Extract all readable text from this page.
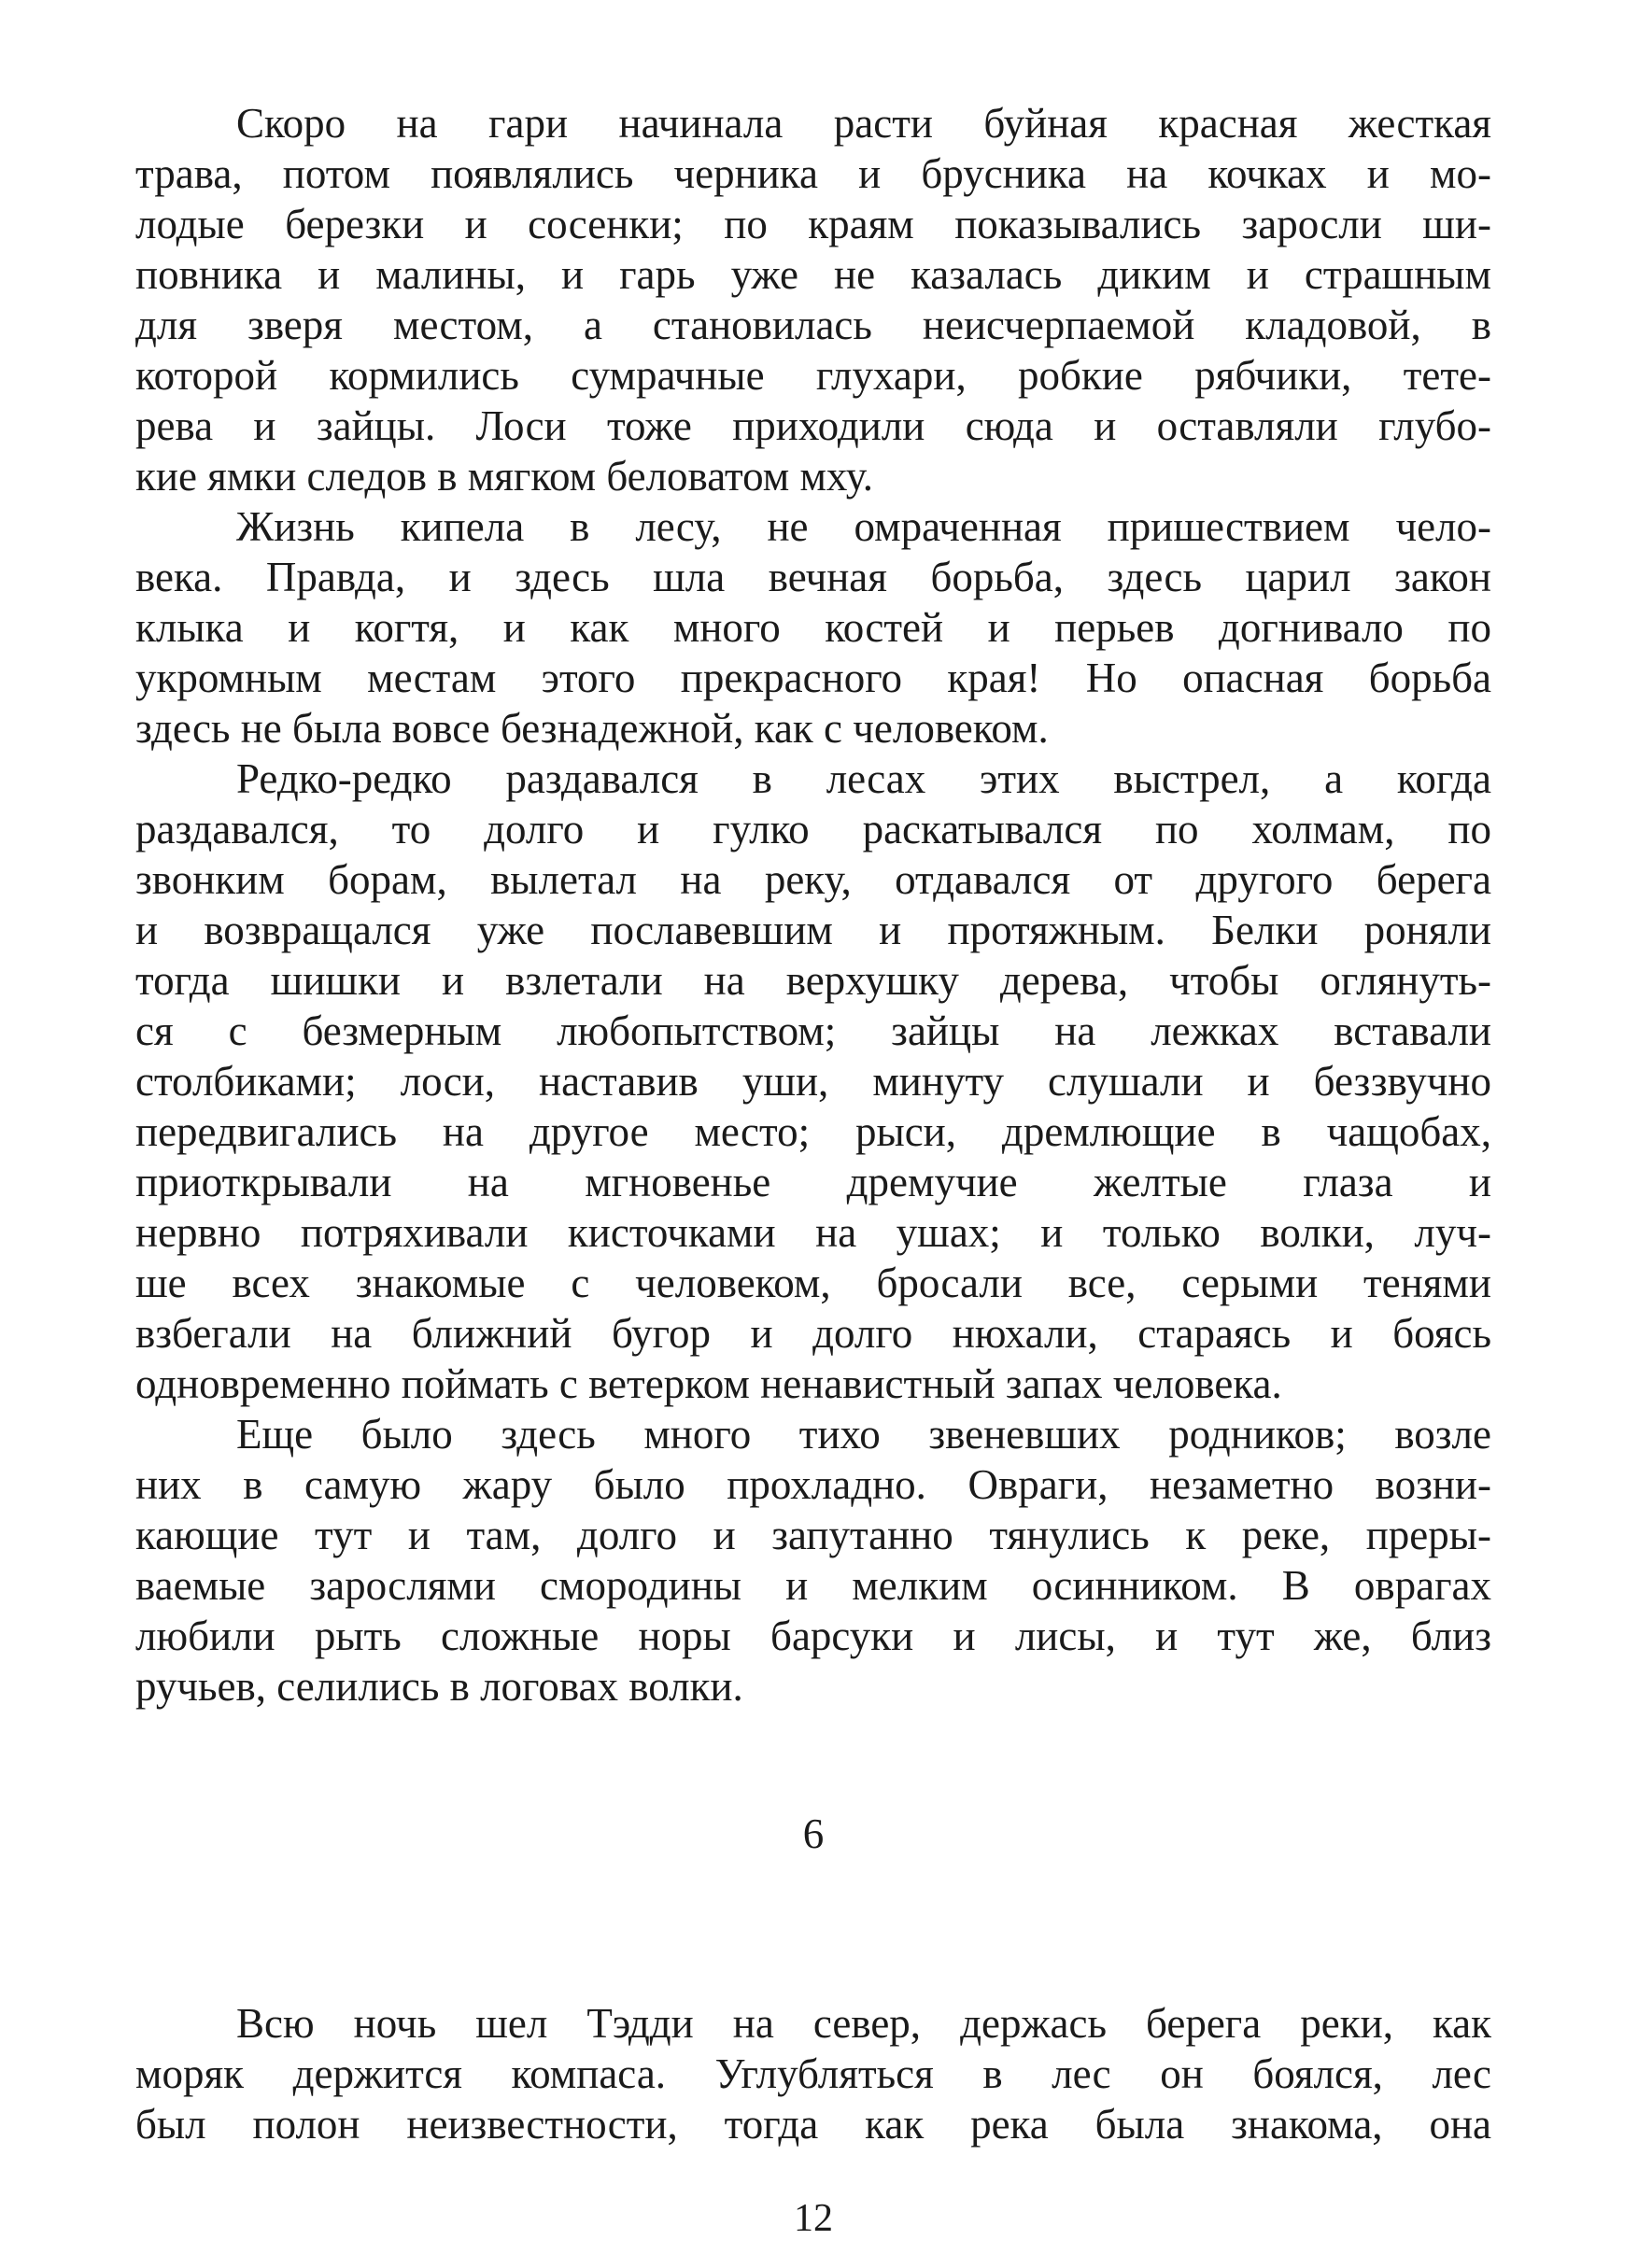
Скоро на гари начинала расти буйная красная жесткая
трава, потом появлялись черника и брусника на кочках и мо-
лодые березки и сосенки; по краям показывались заросли ши-
повника и малины, и гарь уже не казалась диким и страшным
для зверя местом, а становилась неисчерпаемой кладовой, в
которой кормились сумрачные глухари, робкие рябчики, тете-
рева и зайцы. Лоси тоже приходили сюда и оставляли глубо-
кие ямки следов в мягком беловатом мху.
Жизнь кипела в лесу, не омраченная пришествием чело-
века. Правда, и здесь шла вечная борьба, здесь царил закон
клыка и когтя, и как много костей и перьев догнивало по
укромным местам этого прекрасного края! Но опасная борьба
здесь не была вовсе безнадежной, как с человеком.
Редко-редко раздавался в лесах этих выстрел, а когда
раздавался, то долго и гулко раскатывался по холмам, по
звонким борам, вылетал на реку, отдавался от другого берега
и возвращался уже пославевшим и протяжным. Белки роняли
тогда шишки и взлетали на верхушку дерева, чтобы оглянуть-
ся с безмерным любопытством; зайцы на лежках вставали
столбиками; лоси, наставив уши, минуту слушали и беззвучно
передвигались на другое место; рыси, дремлющие в чащобах,
приоткрывали на мгновенье дремучие желтые глаза и
нервно потряхивали кисточками на ушах; и только волки, луч-
ше всех знакомые с человеком, бросали все, серыми тенями
взбегали на ближний бугор и долго нюхали, стараясь и боясь
одновременно поймать с ветерком ненавистный запах человека.
Еще было здесь много тихо звеневших родников; возле
них в самую жару было прохладно. Овраги, незаметно возни-
кающие тут и там, долго и запутанно тянулись к реке, преры-
ваемые зарослями смородины и мелким осинником. В оврагах
любили рыть сложные норы барсуки и лисы, и тут же, близ
ручьев, селились в логовах волки.
6
Всю ночь шел Тэдди на север, держась берега реки, как
моряк держится компаса. Углубляться в лес он боялся, лес
был полон неизвестности, тогда как река была знакома, она
12
